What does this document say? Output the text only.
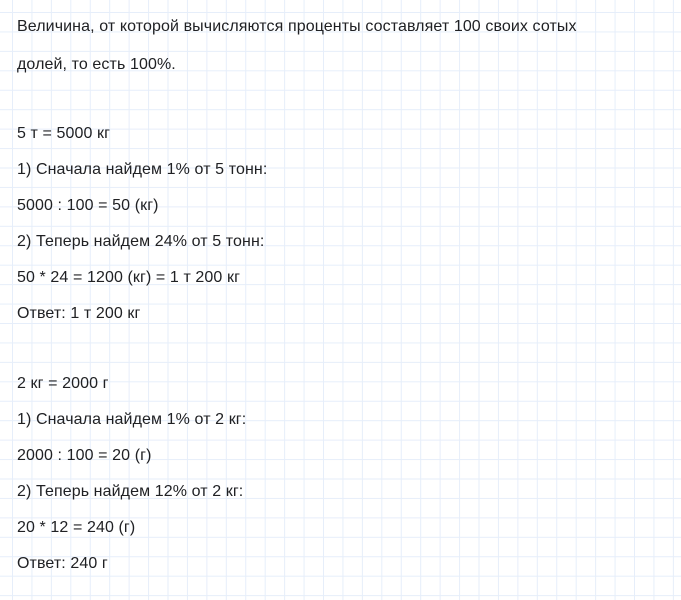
Величина, от которой вычисляются проценты составляет 100 своих сотых
долей, то есть 100%.
5 т = 5000 кг
1) Сначала найдем 1% от 5 тонн:
5000 : 100 = 50 (кг)
2) Теперь найдем 24% от 5 тонн:
50 * 24 = 1200 (кг) = 1 т 200 кг
Ответ: 1 т 200 кг
2 кг = 2000 г
1) Сначала найдем 1% от 2 кг:
2000 : 100 = 20 (г)
2) Теперь найдем 12% от 2 кг:
20 * 12 = 240 (г)
Ответ: 240 г
